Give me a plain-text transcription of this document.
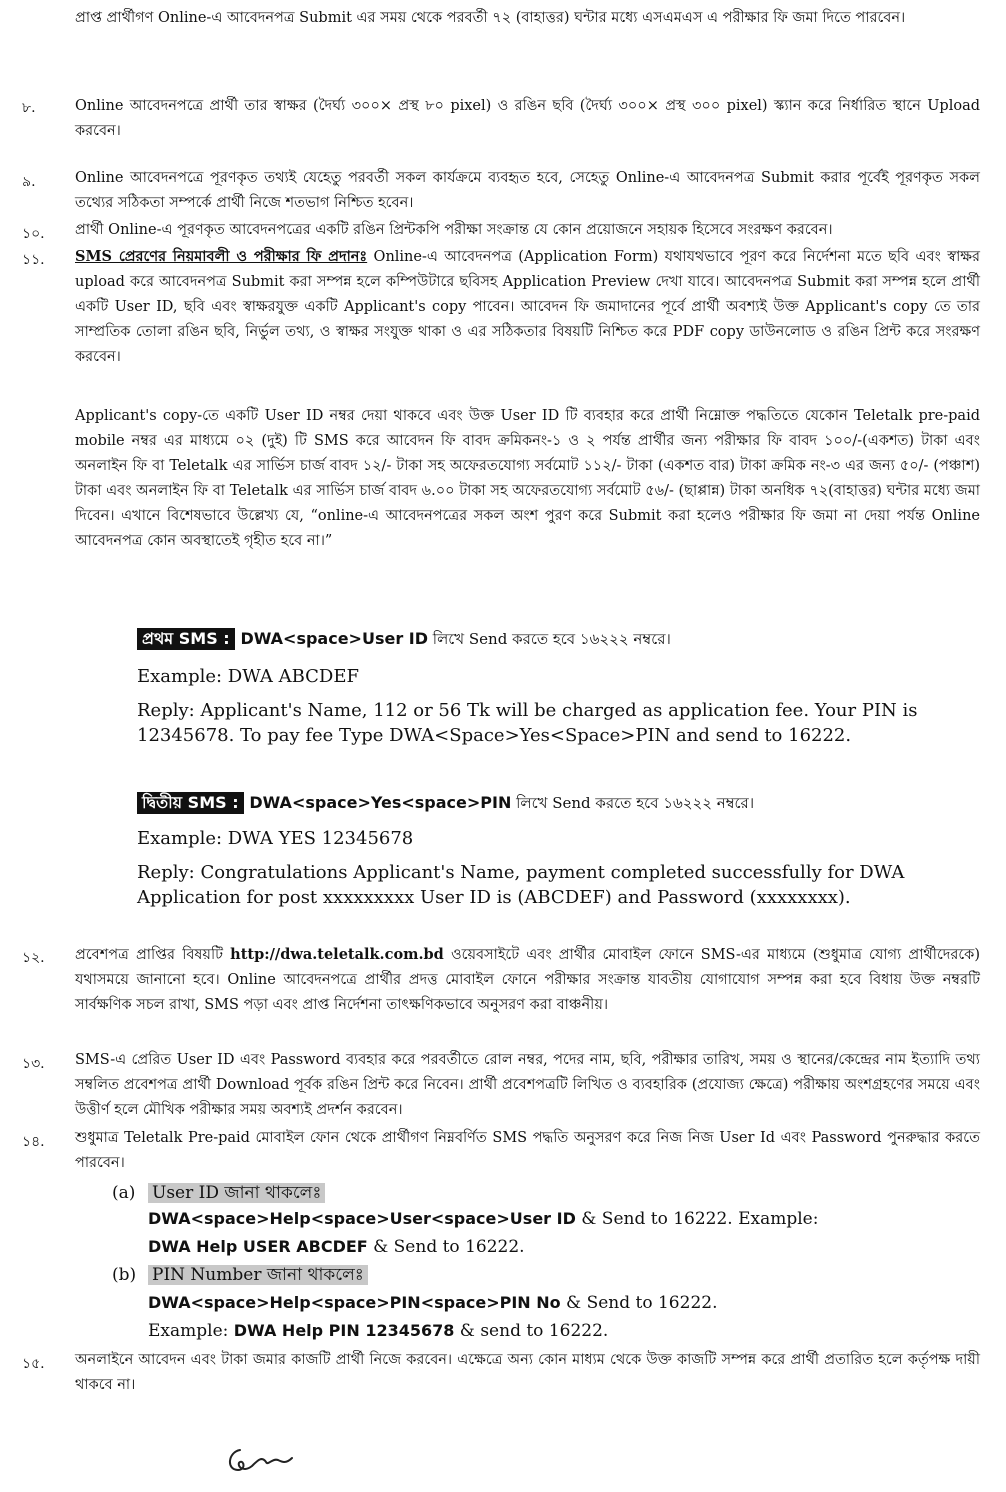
প্রাপ্ত প্রার্থীগণ Online-এ আবেদনপত্র Submit এর সময় থেকে পরবর্তী ৭২ (বাহাত্তর) ঘন্টার মধ্যে এসএমএস এ পরীক্ষার ফি জমা দিতে পারবেন।
৮.	Online আবেদনপত্রে প্রার্থী তার স্বাক্ষর (দৈর্ঘ্য ৩০০× প্রস্থ ৮০ pixel) ও রঙিন ছবি (দৈর্ঘ্য ৩০০× প্রস্থ ৩০০ pixel) স্ক্যান করে নির্ধারিত স্থানে Upload করবেন।
৯.	Online আবেদনপত্রে পূরণকৃত তথ্যই যেহেতু পরবর্তী সকল কার্যক্রমে ব্যবহৃত হবে, সেহেতু Online-এ আবেদনপত্র Submit করার পূর্বেই পূরণকৃত সকল তথ্যের সঠিকতা সম্পর্কে প্রার্থী নিজে শতভাগ নিশ্চিত হবেন।
১০.	প্রার্থী Online-এ পূরণকৃত আবেদনপত্রের একটি রঙিন প্রিন্টকপি পরীক্ষা সংক্রান্ত যে কোন প্রয়োজনে সহায়ক হিসেবে সংরক্ষণ করবেন।
১১.	SMS প্রেরণের নিয়মাবলী ও পরীক্ষার ফি প্রদানঃ Online-এ আবেদনপত্র (Application Form) যথাযথভাবে পূরণ করে নির্দেশনা মতে ছবি এবং স্বাক্ষর upload করে আবেদনপত্র Submit করা সম্পন্ন হলে কম্পিউটারে ছবিসহ Application Preview দেখা যাবে। আবেদনপত্র Submit করা সম্পন্ন হলে প্রার্থী একটি User ID, ছবি এবং স্বাক্ষরযুক্ত একটি Applicant's copy পাবেন। আবেদন ফি জমাদানের পূর্বে প্রার্থী অবশ্যই উক্ত Applicant's copy তে তার সাম্প্রতিক তোলা রঙিন ছবি, নির্ভুল তথ্য, ও স্বাক্ষর সংযুক্ত থাকা ও এর সঠিকতার বিষয়টি নিশ্চিত করে PDF copy ডাউনলোড ও রঙিন প্রিন্ট করে সংরক্ষণ করবেন।
Applicant's copy-তে একটি User ID নম্বর দেয়া থাকবে এবং উক্ত User ID টি ব্যবহার করে প্রার্থী নিম্নোক্ত পদ্ধতিতে যেকোন Teletalk pre-paid mobile নম্বর এর মাধ্যমে ০২ (দুই) টি SMS করে আবেদন ফি বাবদ ক্রমিকনং-১ ও ২ পর্যন্ত প্রার্থীর জন্য পরীক্ষার ফি বাবদ ১০০/-(একশত) টাকা এবং অনলাইন ফি বা Teletalk এর সার্ভিস চার্জ বাবদ ১২/- টাকা সহ অফেরতযোগ্য সর্বমোট ১১২/- টাকা (একশত বার) টাকা ক্রমিক নং-৩ এর জন্য ৫০/- (পঞ্চাশ) টাকা এবং অনলাইন ফি বা Teletalk এর সার্ভিস চার্জ বাবদ ৬.০০ টাকা সহ অফেরতযোগ্য সর্বমোট ৫৬/- (ছাপ্পান্ন) টাকা অনধিক ৭২(বাহাত্তর) ঘন্টার মধ্যে জমা দিবেন। এখানে বিশেষভাবে উল্লেখ্য যে, “online-এ আবেদনপত্রের সকল অংশ পুরণ করে Submit করা হলেও পরীক্ষার ফি জমা না দেয়া পর্যন্ত Online আবেদনপত্র কোন অবস্থাতেই গৃহীত হবে না।”
প্রথম SMS : DWA<space>User ID লিখে Send করতে হবে ১৬২২২ নম্বরে।
Example: DWA ABCDEF
Reply: Applicant's Name, 112 or 56 Tk will be charged as application fee. Your PIN is 12345678. To pay fee Type DWA<Space>Yes<Space>PIN and send to 16222.
দ্বিতীয় SMS : DWA<space>Yes<space>PIN লিখে Send করতে হবে ১৬২২২ নম্বরে।
Example: DWA YES 12345678
Reply: Congratulations Applicant's Name, payment completed successfully for DWA Application for post xxxxxxxxx User ID is (ABCDEF) and Password (xxxxxxxx).
১২.	প্রবেশপত্র প্রাপ্তির বিষয়টি http://dwa.teletalk.com.bd ওয়েবসাইটে এবং প্রার্থীর মোবাইল ফোনে SMS-এর মাধ্যমে (শুধুমাত্র যোগ্য প্রার্থীদেরকে) যথাসময়ে জানানো হবে। Online আবেদনপত্রে প্রার্থীর প্রদত্ত মোবাইল ফোনে পরীক্ষার সংক্রান্ত যাবতীয় যোগাযোগ সম্পন্ন করা হবে বিধায় উক্ত নম্বরটি সার্বক্ষণিক সচল রাখা, SMS পড়া এবং প্রাপ্ত নির্দেশনা তাৎক্ষণিকভাবে অনুসরণ করা বাঞ্চনীয়।
১৩.	SMS-এ প্রেরিত User ID এবং Password ব্যবহার করে পরবর্তীতে রোল নম্বর, পদের নাম, ছবি, পরীক্ষার তারিখ, সময় ও স্থানের/কেন্দ্রের নাম ইত্যাদি তথ্য সম্বলিত প্রবেশপত্র প্রার্থী Download পূর্বক রঙিন প্রিন্ট করে নিবেন। প্রার্থী প্রবেশপত্রটি লিখিত ও ব্যবহারিক (প্রযোজ্য ক্ষেত্রে) পরীক্ষায় অংশগ্রহণের সময়ে এবং উত্তীর্ণ হলে মৌখিক পরীক্ষার সময় অবশ্যই প্রদর্শন করবেন।
১৪.	শুধুমাত্র Teletalk Pre-paid মোবাইল ফোন থেকে প্রার্থীগণ নিম্নবর্ণিত SMS পদ্ধতি অনুসরণ করে নিজ নিজ User Id এবং Password পুনরুদ্ধার করতে পারবেন।
(a) User ID জানা থাকলেঃ
DWA<space>Help<space>User<space>User ID & Send to 16222. Example:
DWA Help USER ABCDEF & Send to 16222.
(b) PIN Number জানা থাকলেঃ
DWA<space>Help<space>PIN<space>PIN No & Send to 16222.
Example: DWA Help PIN 12345678 & send to 16222.
১৫.	অনলাইনে আবেদন এবং টাকা জমার কাজটি প্রার্থী নিজে করবেন। এক্ষেত্রে অন্য কোন মাধ্যম থেকে উক্ত কাজটি সম্পন্ন করে প্রার্থী প্রতারিত হলে কর্তৃপক্ষ দায়ী থাকবে না।
